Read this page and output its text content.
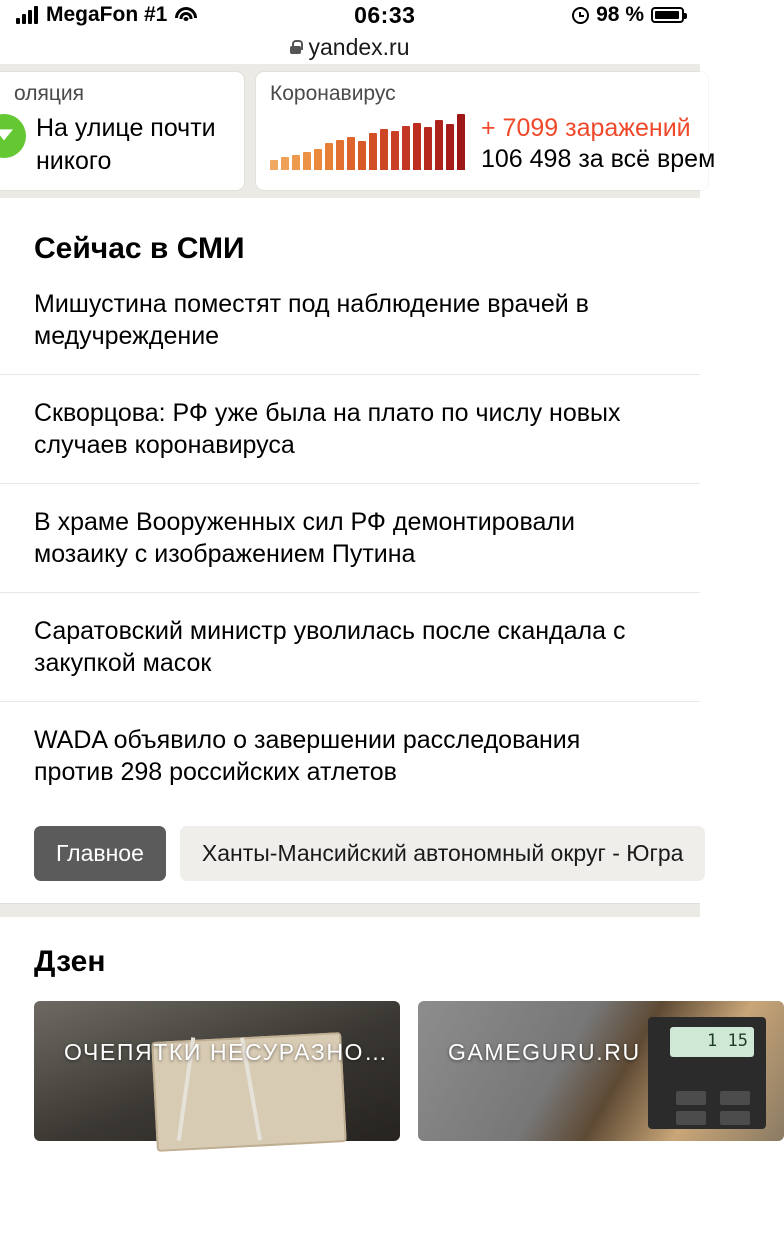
MegaFon #1	06:33	98 %
yandex.ru
оляция
На улице почти никого
Коронавирус
+ 7099 заражений
106 498 за всё врем
Сейчас в СМИ
Мишустина поместят под наблюдение врачей в медучреждение
Скворцова: РФ уже была на плато по числу новых случаев коронавируса
В храме Вооруженных сил РФ демонтировали мозаику с изображением Путина
Саратовский министр уволилась после скандала с закупкой масок
WADA объявило о завершении расследования против 298 российских атлетов
Главное	Ханты-Мансийский автономный округ - Югра
Дзен
ОЧЕПЯТКИ НЕСУРАЗНО…	1 15
GAMEGURU.RU
